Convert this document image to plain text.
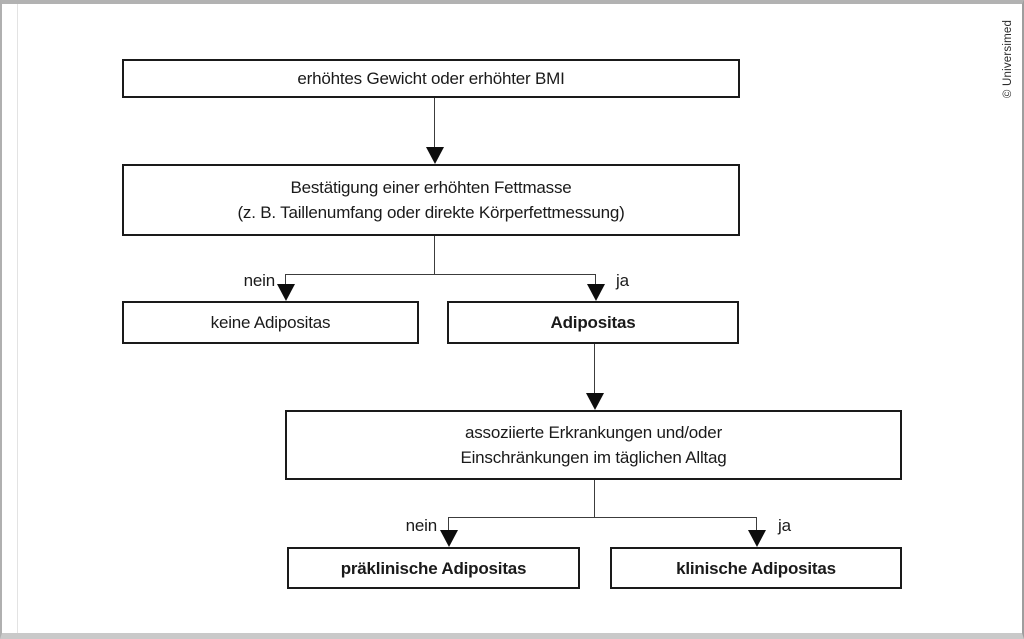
erhöhtes Gewicht oder erhöhter BMI
Bestätigung einer erhöhten Fettmasse
(z. B. Taillenumfang oder direkte Körperfettmessung)
nein	ja
keine Adipositas	Adipositas
assoziierte Erkrankungen und/oder
Einschränkungen im täglichen Alltag
nein	ja
präklinische Adipositas	klinische Adipositas
© Universimed
